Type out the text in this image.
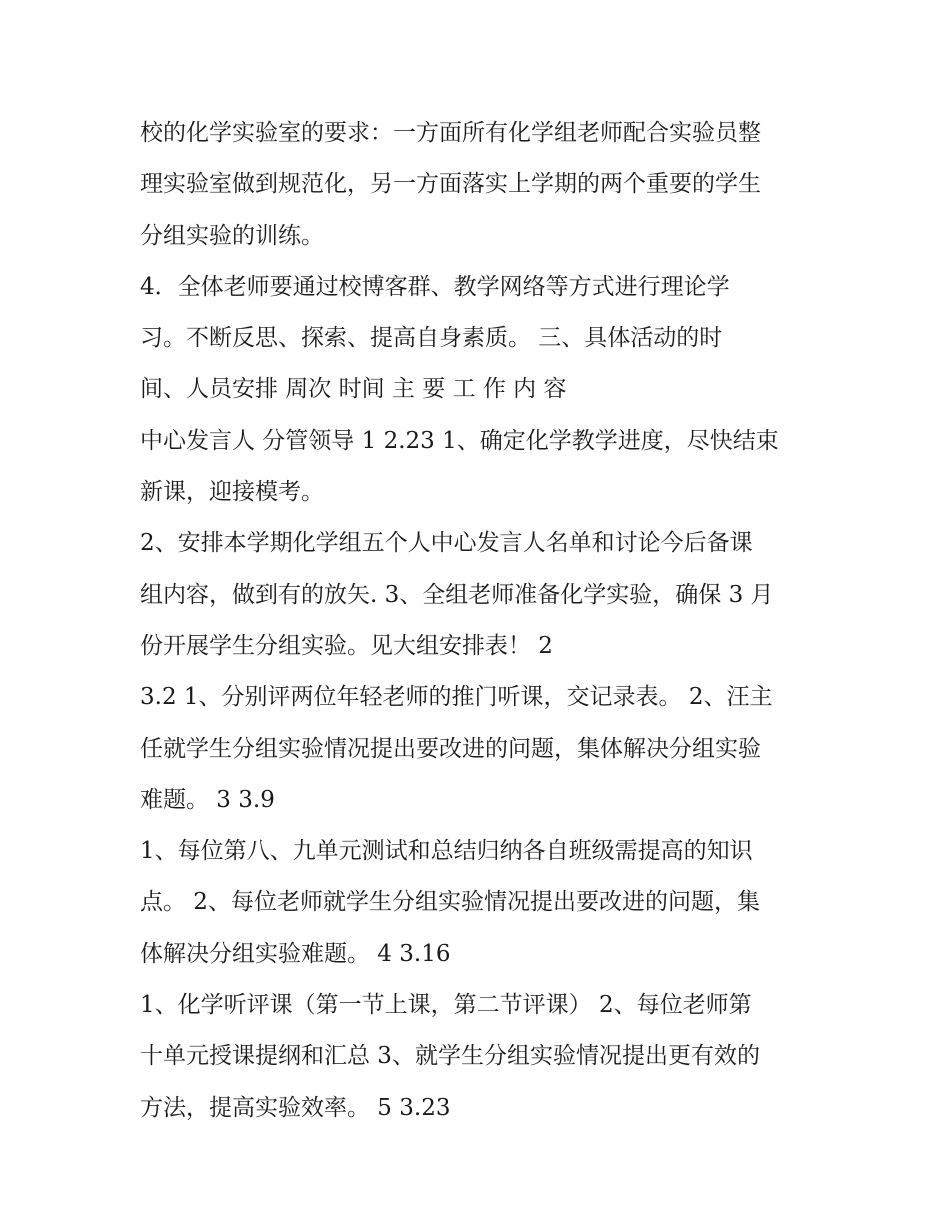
校的化学实验室的要求：一方面所有化学组老师配合实验员整
理实验室做到规范化，另一方面落实上学期的两个重要的学生
分组实验的训练。
4．全体老师要通过校博客群、教学网络等方式进行理论学
习。不断反思、探索、提高自身素质。 三、具体活动的时
间、人员安排 周次 时间 主 要 工 作 内 容
中心发言人 分管领导 1 2.23 1、确定化学教学进度，尽快结束
新课，迎接模考。
2、安排本学期化学组五个人中心发言人名单和讨论今后备课
组内容，做到有的放矢. 3、全组老师准备化学实验，确保 3 月
份开展学生分组实验。见大组安排表！ 2
3.2 1、分别评两位年轻老师的推门听课，交记录表。 2、汪主
任就学生分组实验情况提出要改进的问题，集体解决分组实验
难题。 3 3.9
1、每位第八、九单元测试和总结归纳各自班级需提高的知识
点。 2、每位老师就学生分组实验情况提出要改进的问题，集
体解决分组实验难题。 4 3.16
1、化学听评课（第一节上课，第二节评课） 2、每位老师第
十单元授课提纲和汇总 3、就学生分组实验情况提出更有效的
方法，提高实验效率。 5 3.23
